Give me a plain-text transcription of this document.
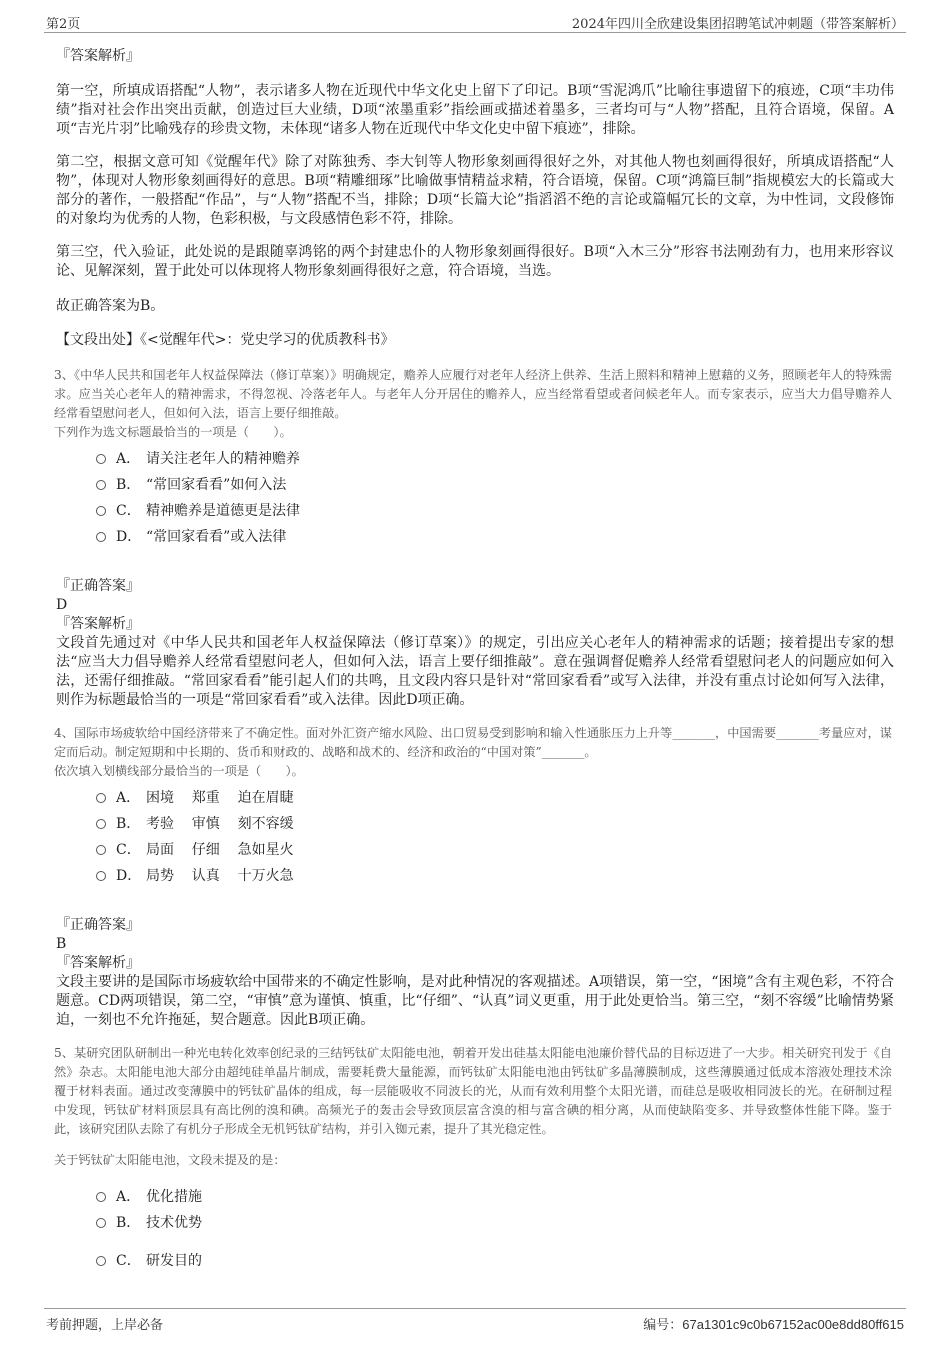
第2页	2024年四川全欣建设集团招聘笔试冲刺题（带答案解析）

『答案解析』

第一空，所填成语搭配“人物”，表示诸多人物在近现代中华文化史上留下了印记。B项“雪泥鸿爪”比喻往事遗留下的痕迹，C项“丰功伟绩”指对社会作出突出贡献，创造过巨大业绩，D项“浓墨重彩”指绘画或描述着墨多，三者均可与“人物”搭配，且符合语境，保留。A项“吉光片羽”比喻残存的珍贵文物，未体现“诸多人物在近现代中华文化史中留下痕迹”，排除。

第二空，根据文意可知《觉醒年代》除了对陈独秀、李大钊等人物形象刻画得很好之外，对其他人物也刻画得很好，所填成语搭配“人物”，体现对人物形象刻画得好的意思。B项“精雕细琢”比喻做事情精益求精，符合语境，保留。C项“鸿篇巨制”指规模宏大的长篇或大部分的著作，一般搭配“作品”，与“人物”搭配不当，排除；D项“长篇大论”指滔滔不绝的言论或篇幅冗长的文章，为中性词，文段修饰的对象均为优秀的人物，色彩积极，与文段感情色彩不符，排除。

第三空，代入验证，此处说的是跟随辜鸿铭的两个封建忠仆的人物形象刻画得很好。B项“入木三分”形容书法刚劲有力，也用来形容议论、见解深刻，置于此处可以体现将人物形象刻画得很好之意，符合语境，当选。

故正确答案为B。

【文段出处】《<觉醒年代>：党史学习的优质教科书》

3、《中华人民共和国老年人权益保障法（修订草案）》明确规定，赡养人应履行对老年人经济上供养、生活上照料和精神上慰藉的义务，照顾老年人的特殊需求。应当关心老年人的精神需求，不得忽视、冷落老年人。与老年人分开居住的赡养人，应当经常看望或者问候老年人。而专家表示，应当大力倡导赡养人经常看望慰问老人，但如何入法，语言上要仔细推敲。

下列作为选文标题最恰当的一项是（　　）。

A． 请关注老年人的精神赡养
B． “常回家看看”如何入法
C． 精神赡养是道德更是法律
D． “常回家看看”或入法律

『正确答案』

D

『答案解析』

文段首先通过对《中华人民共和国老年人权益保障法（修订草案）》的规定，引出应关心老年人的精神需求的话题；接着提出专家的想法“应当大力倡导赡养人经常看望慰问老人，但如何入法，语言上要仔细推敲”。意在强调督促赡养人经常看望慰问老人的问题应如何入法，还需仔细推敲。“常回家看看”能引起人们的共鸣，且文段内容只是针对“常回家看看”或写入法律，并没有重点讨论如何写入法律，则作为标题最恰当的一项是“常回家看看”或入法律。因此D项正确。

4、国际市场疲软给中国经济带来了不确定性。面对外汇资产缩水风险、出口贸易受到影响和输入性通胀压力上升等_______，中国需要_______考量应对，谋定而后动。制定短期和中长期的、货币和财政的、战略和战术的、经济和政治的“中国对策”_______。

依次填入划横线部分最恰当的一项是（　　）。

A． 困境    郑重    迫在眉睫
B． 考验    审慎    刻不容缓
C． 局面    仔细    急如星火
D． 局势    认真    十万火急

『正确答案』

B

『答案解析』

文段主要讲的是国际市场疲软给中国带来的不确定性影响，是对此种情况的客观描述。A项错误，第一空，“困境”含有主观色彩，不符合题意。CD两项错误，第二空，“审慎”意为谨慎、慎重，比“仔细”、“认真”词义更重，用于此处更恰当。第三空，“刻不容缓”比喻情势紧迫，一刻也不允许拖延，契合题意。因此B项正确。

5、某研究团队研制出一种光电转化效率创纪录的三结钙钛矿太阳能电池，朝着开发出硅基太阳能电池廉价替代品的目标迈进了一大步。相关研究刊发于《自然》杂志。太阳能电池大部分由超纯硅单晶片制成，需要耗费大量能源，而钙钛矿太阳能电池由钙钛矿多晶薄膜制成，这些薄膜通过低成本溶液处理技术涂覆于材料表面。通过改变薄膜中的钙钛矿晶体的组成，每一层能吸收不同波长的光，从而有效利用整个太阳光谱，而硅总是吸收相同波长的光。在研制过程中发现，钙钛矿材料顶层具有高比例的溴和碘。高频光子的轰击会导致顶层富含溴的相与富含碘的相分离，从而使缺陷变多、并导致整体性能下降。鉴于此，该研究团队去除了有机分子形成全无机钙钛矿结构，并引入铷元素，提升了其光稳定性。

关于钙钛矿太阳能电池，文段未提及的是：

A． 优化措施
B． 技术优势
C． 研发目的
考前押题，上岸必备	编号：67a1301c9c0b67152ac00e8dd80ff615
